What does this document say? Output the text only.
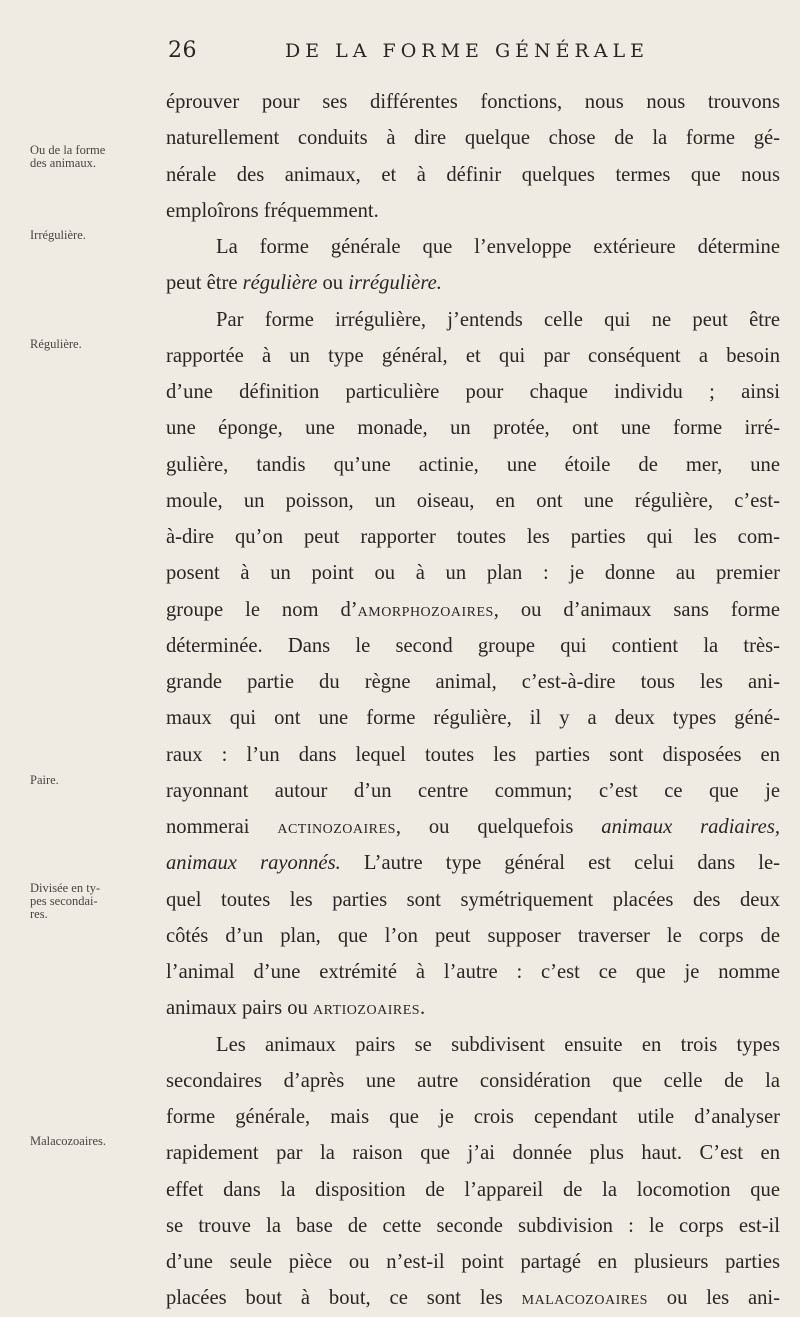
26	DE LA FORME GÉNÉRALE
Ou de la forme
des animaux.
Irrégulière.
Régulière.
Paire.
Divisée en ty-
pes secondai-
res.
Malacozoaires.
éprouver pour ses différentes fonctions, nous nous trouvons
naturellement conduits à dire quelque chose de la forme gé-
nérale des animaux, et à définir quelques termes que nous
emploîrons fréquemment.
La forme générale que l’enveloppe extérieure détermine
peut être régulière ou irrégulière.
Par forme irrégulière, j’entends celle qui ne peut être
rapportée à un type général, et qui par conséquent a besoin
d’une définition particulière pour chaque individu ; ainsi
une éponge, une monade, un protée, ont une forme irré-
gulière, tandis qu’une actinie, une étoile de mer, une
moule, un poisson, un oiseau, en ont une régulière, c’est-
à-dire qu’on peut rapporter toutes les parties qui les com-
posent à un point ou à un plan : je donne au premier
groupe le nom d’amorphozoaires, ou d’animaux sans forme
déterminée. Dans le second groupe qui contient la très-
grande partie du règne animal, c’est-à-dire tous les ani-
maux qui ont une forme régulière, il y a deux types géné-
raux : l’un dans lequel toutes les parties sont disposées en
rayonnant autour d’un centre commun; c’est ce que je
nommerai actinozoaires, ou quelquefois animaux radiaires,
animaux rayonnés. L’autre type général est celui dans le-
quel toutes les parties sont symétriquement placées des deux
côtés d’un plan, que l’on peut supposer traverser le corps de
l’animal d’une extrémité à l’autre : c’est ce que je nomme
animaux pairs ou artiozoaires.
Les animaux pairs se subdivisent ensuite en trois types
secondaires d’après une autre considération que celle de la
forme générale, mais que je crois cependant utile d’analyser
rapidement par la raison que j’ai donnée plus haut. C’est en
effet dans la disposition de l’appareil de la locomotion que
se trouve la base de cette seconde subdivision : le corps est-il
d’une seule pièce ou n’est-il point partagé en plusieurs parties
placées bout à bout, ce sont les malacozoaires ou les ani-
